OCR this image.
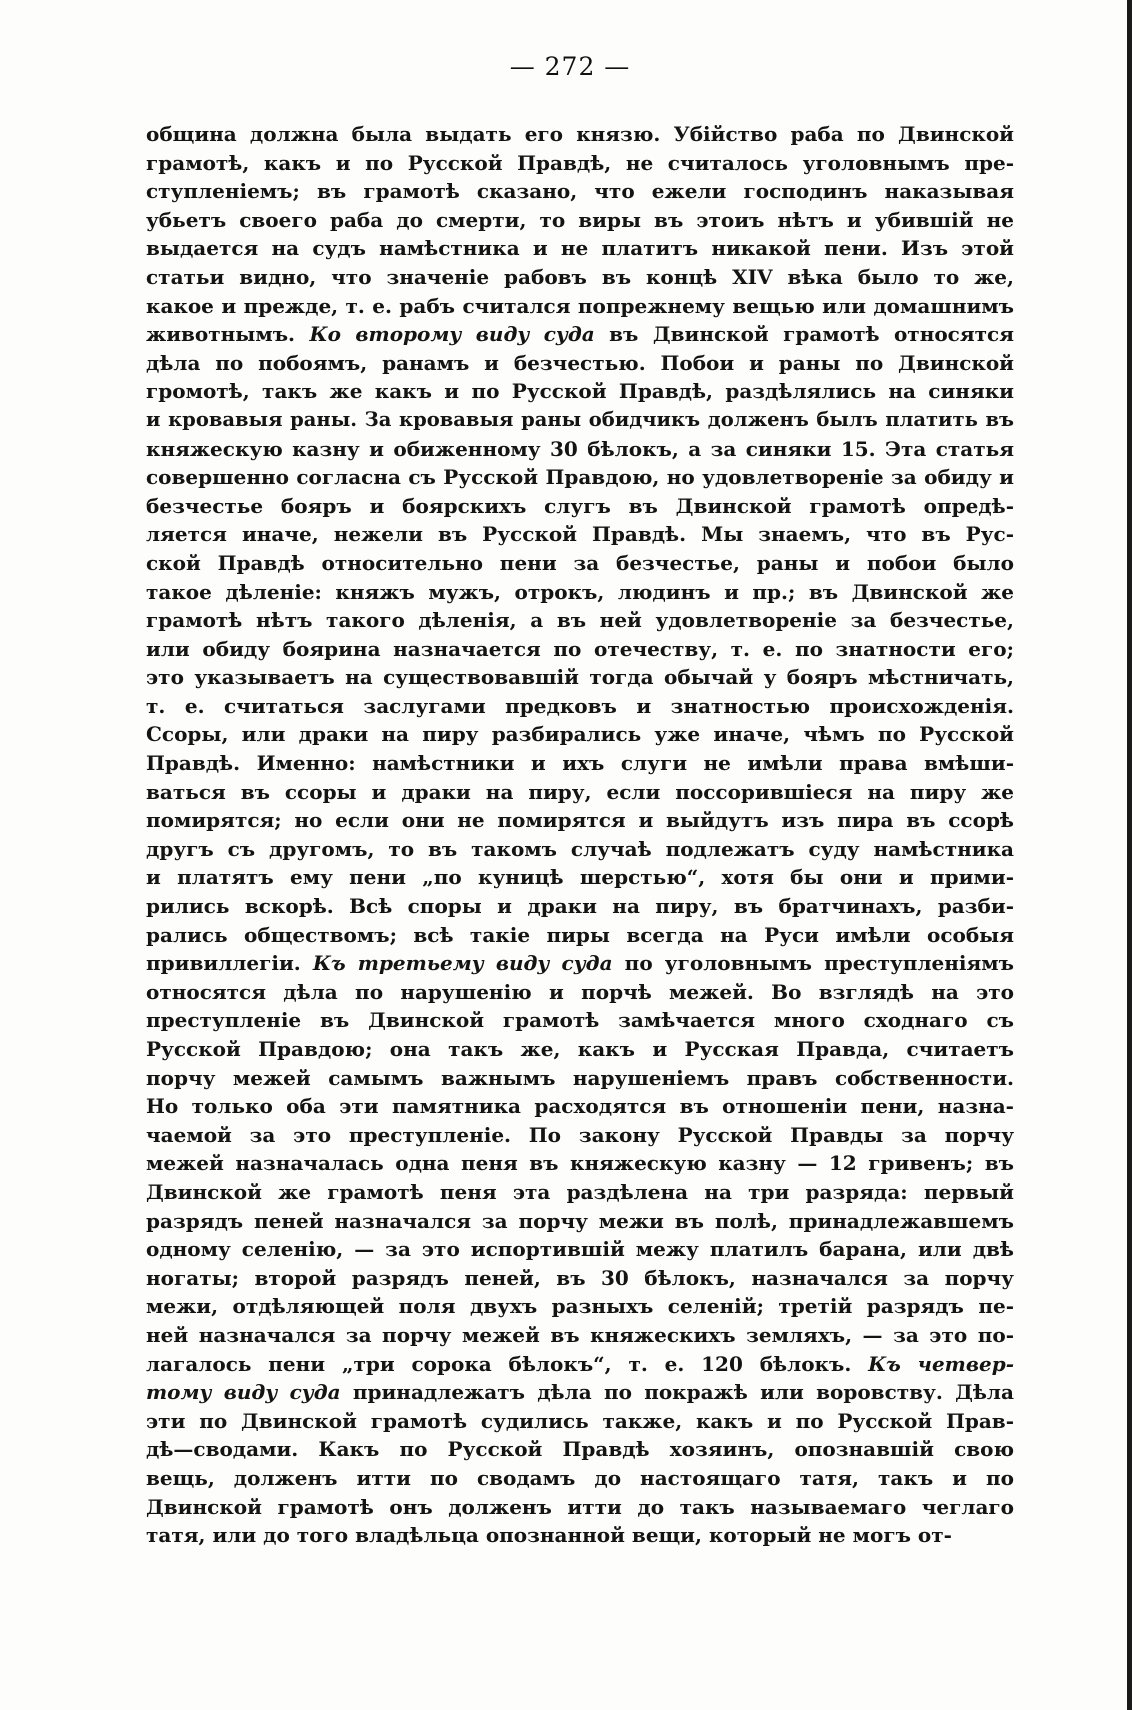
— 272 —
община должна была выдать его князю. Убійство раба по Двинской
грамотѣ, какъ и по Русской Правдѣ, не считалось уголовнымъ пре-
ступленіемъ; въ грамотѣ сказано, что ежели господинъ наказывая
убьетъ своего раба до смерти, то виры въ этоиъ нѣтъ и убившій не
выдается на судъ намѣстника и не платитъ никакой пени. Изъ этой
статьи видно, что значеніе рабовъ въ концѣ XIV вѣка было то же,
какое и прежде, т. е. рабъ считался попрежнему вещью или домашнимъ
животнымъ. Ко второму виду суда въ Двинской грамотѣ относятся
дѣла по побоямъ, ранамъ и безчестью. Побои и раны по Двинской
громотѣ, такъ же какъ и по Русской Правдѣ, раздѣлялись на синяки
и кровавыя раны. За кровавыя раны обидчикъ долженъ былъ платить въ
княжескую казну и обиженному 30 бѣлокъ, а за синяки 15. Эта статья
совершенно согласна съ Русской Правдою, но удовлетвореніе за обиду и
безчестье бояръ и боярскихъ слугъ въ Двинской грамотѣ опредѣ-
ляется иначе, нежели въ Русской Правдѣ. Мы знаемъ, что въ Рус-
ской Правдѣ относительно пени за безчестье, раны и побои было
такое дѣленіе: княжъ мужъ, отрокъ, людинъ и пр.; въ Двинской же
грамотѣ нѣтъ такого дѣленія, а въ ней удовлетвореніе за безчестье,
или обиду боярина назначается по отечеству, т. е. по знатности его;
это указываетъ на существовавшій тогда обычай у бояръ мѣстничать,
т. е. считаться заслугами предковъ и знатностью происхожденія.
Ссоры, или драки на пиру разбирались уже иначе, чѣмъ по Русской
Правдѣ. Именно: намѣстники и ихъ слуги не имѣли права вмѣши-
ваться въ ссоры и драки на пиру, если поссорившіеся на пиру же
помирятся; но если они не помирятся и выйдутъ изъ пира въ ссорѣ
другъ съ другомъ, то въ такомъ случаѣ подлежатъ суду намѣстника
и платятъ ему пени „по куницѣ шерстью“, хотя бы они и прими-
рились вскорѣ. Всѣ споры и драки на пиру, въ братчинахъ, разби-
рались обществомъ; всѣ такіе пиры всегда на Руси имѣли особыя
привиллегіи. Къ третьему виду суда по уголовнымъ преступленіямъ
относятся дѣла по нарушенію и порчѣ межей. Во взглядѣ на это
преступленіе въ Двинской грамотѣ замѣчается много сходнаго съ
Русской Правдою; она такъ же, какъ и Русская Правда, считаетъ
порчу межей самымъ важнымъ нарушеніемъ правъ собственности.
Но только оба эти памятника расходятся въ отношеніи пени, назна-
чаемой за это преступленіе. По закону Русской Правды за порчу
межей назначалась одна пеня въ княжескую казну — 12 гривенъ; въ
Двинской же грамотѣ пеня эта раздѣлена на три разряда: первый
разрядъ пеней назначался за порчу межи въ полѣ, принадлежавшемъ
одному селенію, — за это испортившій межу платилъ барана, или двѣ
ногаты; второй разрядъ пеней, въ 30 бѣлокъ, назначался за порчу
межи, отдѣляющей поля двухъ разныхъ селеній; третій разрядъ пе-
ней назначался за порчу межей въ княжескихъ земляхъ, — за это по-
лагалось пени „три сорока бѣлокъ“, т. е. 120 бѣлокъ. Къ четвер-
тому виду суда принадлежатъ дѣла по покражѣ или воровству. Дѣла
эти по Двинской грамотѣ судились также, какъ и по Русской Прав-
дѣ—сводами. Какъ по Русской Правдѣ хозяинъ, опознавшій свою
вещь, долженъ итти по сводамъ до настоящаго татя, такъ и по
Двинской грамотѣ онъ долженъ итти до такъ называемаго чеглаго
татя, или до того владѣльца опознанной вещи, который не могъ от-
